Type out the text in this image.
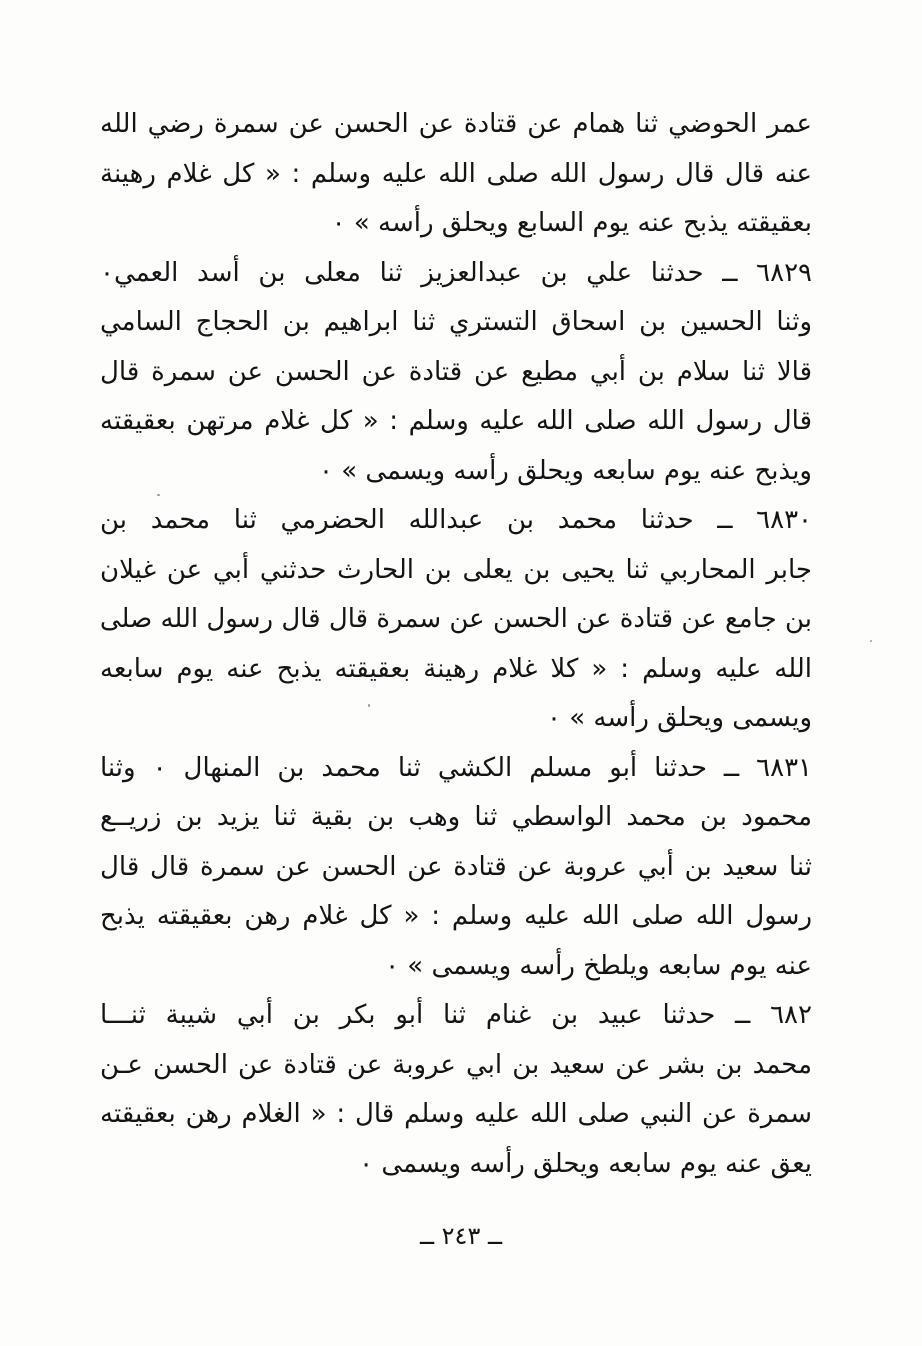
عمر الحوضي ثنا همام عن قتادة عن الحسن عن سمرة رضي الله
عنه قال قال رسول الله صلى الله عليه وسلم : « كل غلام رهينة
بعقيقته يذبح عنه يوم السابع ويحلق رأسه » ٠
٦٨٢٩ ــ حدثنا علي بن عبدالعزيز ثنا معلى بن أسد العمي٠
وثنا الحسين بن اسحاق التستري ثنا ابراهيم بن الحجاج السامي
قالا ثنا سلام بن أبي مطيع عن قتادة عن الحسن عن سمرة قال
قال رسول الله صلى الله عليه وسلم : « كل غلام مرتهن بعقيقته
ويذبح عنه يوم سابعه ويحلق رأسه ويسمى » ٠
٦٨٣٠ ــ حدثنا محمد بن عبدالله الحضرمي ثنا محمد بن
جابر المحاربي ثنا يحيى بن يعلى بن الحارث حدثني أبي عن غيلان
بن جامع عن قتادة عن الحسن عن سمرة قال قال رسول الله صلى
الله عليه وسلم : « كلا غلام رهينة بعقيقته يذبح عنه يوم سابعه
ويسمى ويحلق رأسه » ٠
٦٨٣١ ــ حدثنا أبو مسلم الكشي ثنا محمد بن المنهال ٠ وثنا
محمود بن محمد الواسطي ثنا وهب بن بقية ثنا يزيد بن زريــع
ثنا سعيد بن أبي عروبة عن قتادة عن الحسن عن سمرة قال قال
رسول الله صلى الله عليه وسلم : « كل غلام رهن بعقيقته يذبح
عنه يوم سابعه ويلطخ رأسه ويسمى » ٠
٦٨٢ ــ حدثنا عبيد بن غنام ثنا أبو بكر بن أبي شيبة ثنـــا
محمد بن بشر عن سعيد بن ابي عروبة عن قتادة عن الحسن عـن
سمرة عن النبي صلى الله عليه وسلم قال : « الغلام رهن بعقيقته
يعق عنه يوم سابعه ويحلق رأسه ويسمى ٠
ــ ٢٤٣ ــ
